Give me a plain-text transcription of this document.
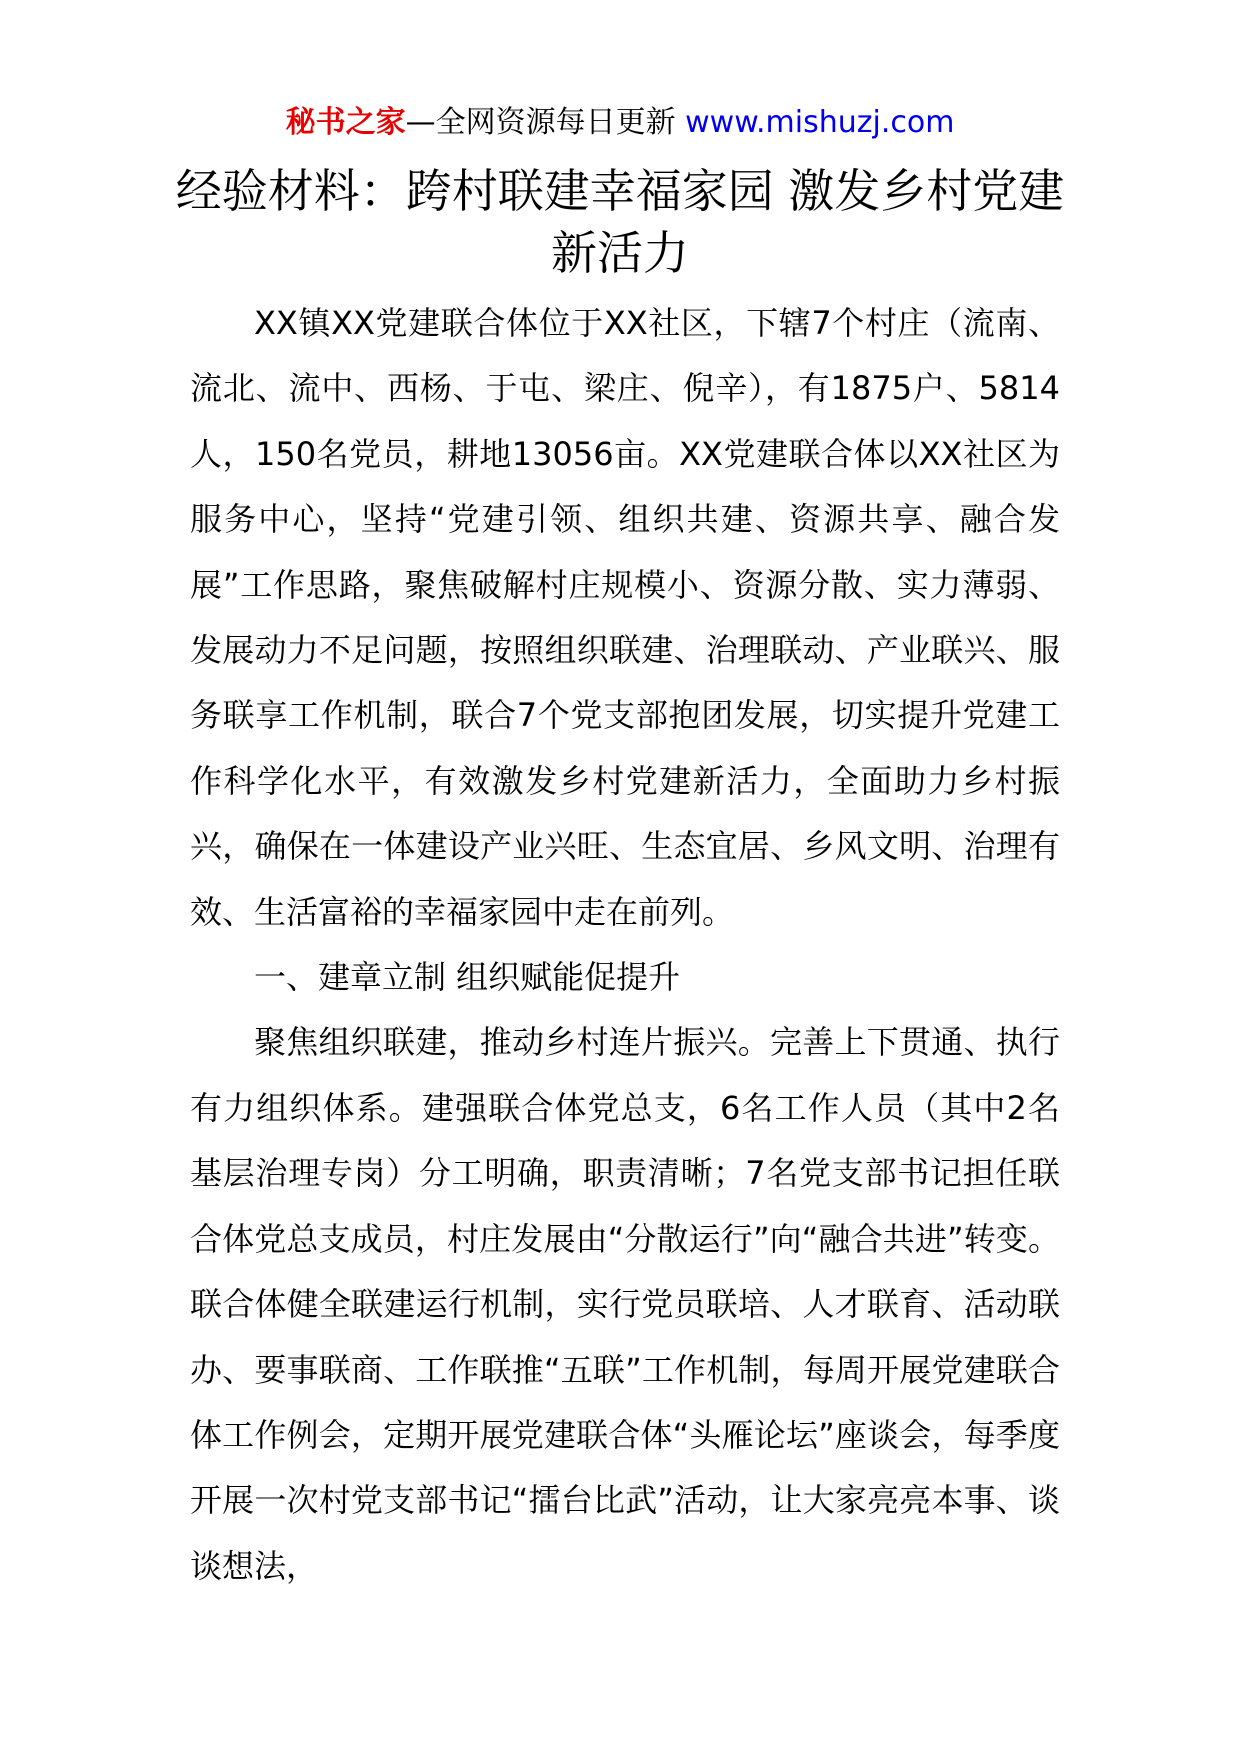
秘书之家—全网资源每日更新 www.mishuzj.com
经验材料：跨村联建幸福家园 激发乡村党建新活力

XX镇XX党建联合体位于XX社区，下辖7个村庄（流南、流北、流中、西杨、于屯、梁庄、倪辛），有1875户、5814人，150名党员，耕地13056亩。XX党建联合体以XX社区为服务中心，坚持“党建引领、组织共建、资源共享、融合发展”工作思路，聚焦破解村庄规模小、资源分散、实力薄弱、发展动力不足问题，按照组织联建、治理联动、产业联兴、服务联享工作机制，联合7个党支部抱团发展，切实提升党建工作科学化水平，有效激发乡村党建新活力，全面助力乡村振兴，确保在一体建设产业兴旺、生态宜居、乡风文明、治理有效、生活富裕的幸福家园中走在前列。

一、建章立制 组织赋能促提升

聚焦组织联建，推动乡村连片振兴。完善上下贯通、执行有力组织体系。建强联合体党总支，6名工作人员（其中2名基层治理专岗）分工明确，职责清晰；7名党支部书记担任联合体党总支成员，村庄发展由“分散运行”向“融合共进”转变。联合体健全联建运行机制，实行党员联培、人才联育、活动联办、要事联商、工作联推“五联”工作机制，每周开展党建联合体工作例会，定期开展党建联合体“头雁论坛”座谈会，每季度开展一次村党支部书记“擂台比武”活动，让大家亮亮本事、谈谈想法，
